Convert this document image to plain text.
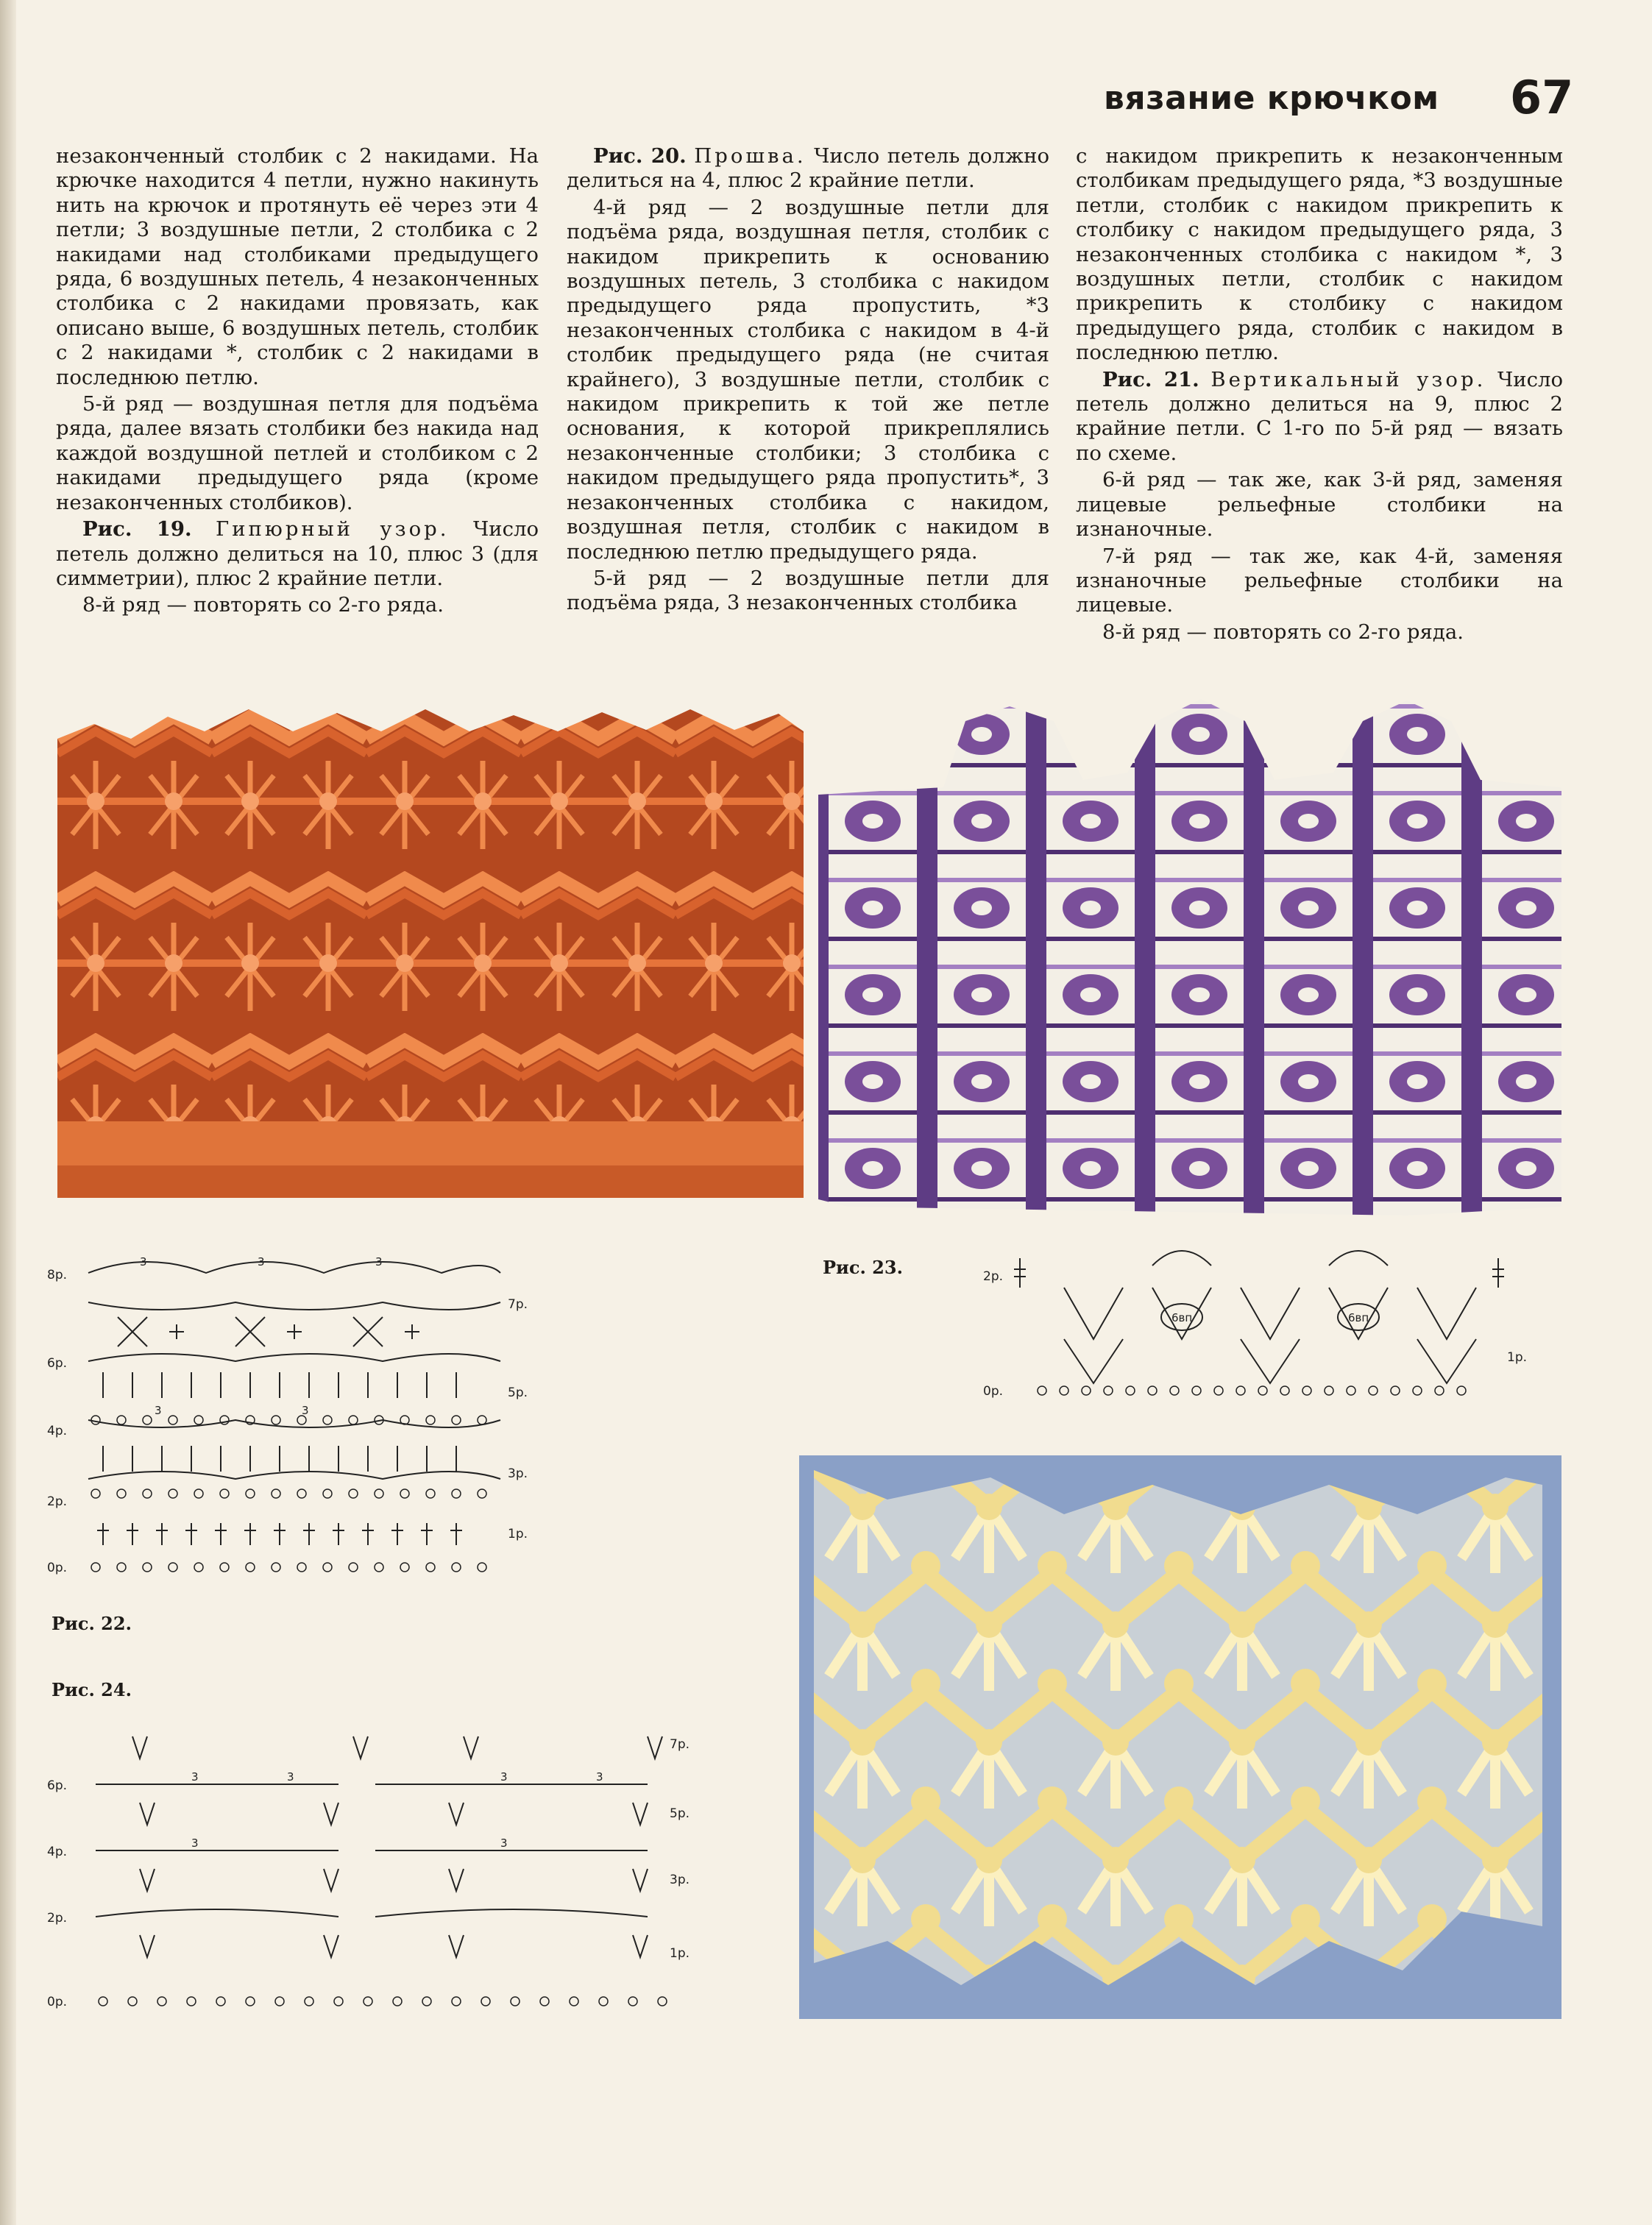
вязание крючком 67

незаконченный столбик с 2 накидами. На крючке находится 4 петли, нужно накинуть нить на крючок и протянуть её через эти 4 петли; 3 воздушные петли, 2 столбика с 2 накидами над столбиками предыдущего ряда, 6 воздушных петель, 4 незаконченных столбика с 2 накидами провязать, как описано выше, 6 воздушных петель, столбик с 2 накидами *, столбик с 2 накидами в последнюю петлю.

5-й ряд — воздушная петля для подъёма ряда, далее вязать столбики без накида над каждой воздушной петлей и столбиком с 2 накидами предыдущего ряда (кроме незаконченных столбиков).

Рис. 19. Гипюрный узор. Число петель должно делиться на 10, плюс 3 (для симметрии), плюс 2 крайние петли.

8-й ряд — повторять со 2-го ряда.

Рис. 20. Прошва. Число петель должно делиться на 4, плюс 2 крайние петли.

4-й ряд — 2 воздушные петли для подъёма ряда, воздушная петля, столбик с накидом прикрепить к основанию воздушных петель, 3 столбика с накидом предыдущего ряда пропустить, *3 незаконченных столбика с накидом в 4-й столбик предыдущего ряда (не считая крайнего), 3 воздушные петли, столбик с накидом прикрепить к той же петле основания, к которой прикреплялись незаконченные столбики; 3 столбика с накидом предыдущего ряда пропустить*, 3 незаконченных столбика с накидом, воздушная петля, столбик с накидом в последнюю петлю предыдущего ряда.

5-й ряд — 2 воздушные петли для подъёма ряда, 3 незаконченных столбика

с накидом прикрепить к незаконченным столбикам предыдущего ряда, *3 воздушные петли, столбик с накидом прикрепить к столбику с накидом предыдущего ряда, 3 незаконченных столбика с накидом *, 3 воздушных петли, столбик с накидом прикрепить к столбику с накидом предыдущего ряда, столбик с накидом в последнюю петлю.

Рис. 21. Вертикальный узор. Число петель должно делиться на 9, плюс 2 крайние петли. С 1-го по 5-й ряд — вязать по схеме.

6-й ряд — так же, как 3-й ряд, заменяя лицевые рельефные столбики на изнаночные.

7-й ряд — так же, как 4-й, заменяя изнаночные рельефные столбики на лицевые.

8-й ряд — повторять со 2-го ряда.

8р.
6р.
4р.
2р.
0р.
7р.
5р.
3р.
1р.
3	3	3
3	3
Рис. 22.
Рис. 23.	2р.
0р.
1р.
6вп	6вп
Рис. 24.
6р.
4р.
2р.
0р.
7р.
5р.
3р.
1р.
3	3	3	3
3	3
